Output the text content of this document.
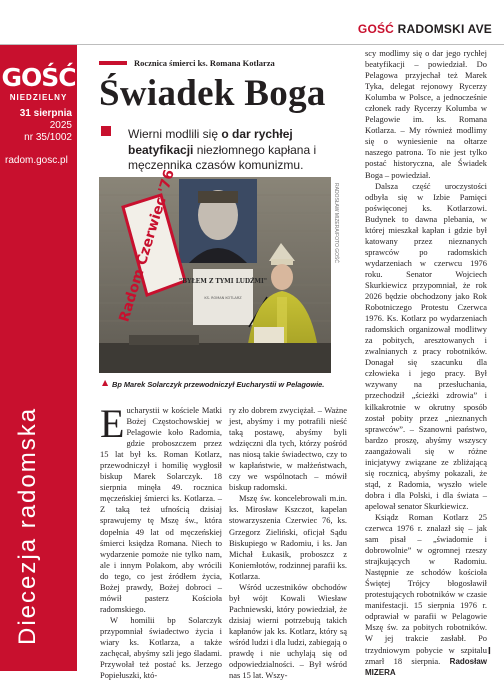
GOŚĆ RADOMSKI AVE
GOŚĆ
NIEDZIELNY
31 sierpnia
2025
nr 35/1002
radom.gosc.pl
Diecezja radomska
Rocznica śmierci ks. Romana Kotlarza
Świadek Boga
Wierni modlili się o dar rychłej beatyfikacji niezłomnego kapłana i męczennika czasów komunizmu.
Radom Czerwiec '76 "BYŁEM Z TYMI LUDŹMI"
KS. ROMAN KOTLARZ
RADOSŁAW MIZERA/FOTO GOŚĆ
▲ Bp Marek Solarczyk przewodniczył Eucharystii w Pelagowie.

Eucharystii w kościele Matki Bożej Częstochowskiej w Pelagowie koło Radomia, gdzie proboszczem przez 15 lat był ks. Roman Kotlarz, przewodniczył i homilię wygłosił biskup Marek Solarczyk. 18 sierpnia minęła 49. rocznica męczeńskiej śmierci ks. Kotlarza. – Z taką też ufnością dzisiaj sprawujemy tę Mszę św., która dopełnia 49 lat od męczeńskiej śmierci księdza Romana. Niech to wydarzenie pomoże nie tylko nam, ale i innym Polakom, aby wrócili do tego, co jest źródłem życia, Bożej prawdy, Bożej dobroci – mówił pasterz Kościoła radomskiego.

W homilii bp Solarczyk przypomniał świadectwo życia i wiary ks. Kotlarza, a także zachęcał, abyśmy szli jego śladami. Przywołał też postać ks. Jerzego Popiełuszki, któ-

ry zło dobrem zwyciężał. – Ważne jest, abyśmy i my potrafili nieść taką postawę, abyśmy byli wdzięczni dla tych, którzy pośród nas niosą takie świadectwo, czy to w kapłaństwie, w małżeństwach, czy we wspólnotach – mówił biskup radomski.

Mszę św. koncelebrowali m.in. ks. Mirosław Kszczot, kapelan stowarzyszenia Czerwiec 76, ks. Grzegorz Zieliński, oficjał Sądu Biskupiego w Radomiu, i ks. Jan Michał Łukasik, proboszcz z Koniemłotów, rodzinnej parafii ks. Kotlarza.

Wśród uczestników obchodów był wójt Kowali Wiesław Pachniewski, który powiedział, że dzisiaj wierni potrzebują takich kapłanów jak ks. Kotlarz, który są wśród ludzi i dla ludzi, zabiegają o prawdę i nie uchylają się od odpowiedzialności. – Był wśród nas 15 lat. Wszy-

scy modlimy się o dar jego rychłej beatyfikacji – powiedział. Do Pelagowa przyjechał też Marek Tyka, delegat rejonowy Rycerzy Kolumba w Polsce, a jednocześnie członek rady Rycerzy Kolumba w Pelagowie im. ks. Romana Kotlarza. – My również modlimy się o wyniesienie na ołtarze naszego patrona. To nie jest tylko postać historyczna, ale Świadek Boga – powiedział.

Dalsza część uroczystości odbyła się w Izbie Pamięci poświęconej ks. Kotlarzowi. Budynek to dawna plebania, w której mieszkał kapłan i gdzie był katowany przez nieznanych sprawców po radomskich wydarzeniach w czerwcu 1976 roku. Senator Wojciech Skurkiewicz przypomniał, że rok 2026 będzie obchodzony jako Rok Robotniczego Protestu Czerwca 1976. Ks. Kotlarz po wydarzeniach radomskich organizował modlitwy za pobitych, aresztowanych i zwalnianych z pracy robotników. Donagał się szacunku dla człowieka i jego pracy. Był wzywany na przesłuchania, przechodził „ścieżki zdrowia” i kilkakrotnie w okrutny sposób został pobity przez „nieznanych sprawców”. – Szanowni państwo, bardzo proszę, abyśmy wszyscy zaangażowali się w różne inicjatywy związane ze zbliżającą się rocznicą, abyśmy pokazali, że stąd, z Radomia, wyszło wiele dobra i dla Polski, i dla świata – apelował senator Skurkiewicz.

Ksiądz Roman Kotlarz 25 czerwca 1976 r. znalazł się – jak sam pisał – „świadomie i dobrowolnie” w ogromnej rzeszy strajkujących w Radomiu. Następnie ze schodów kościoła Świętej Trójcy błogosławił protestujących robotników w czasie manifestacji. 15 sierpnia 1976 r. odprawiał w parafii w Pelagowie Mszę św. za pobitych robotników. W jej trakcie zasłabł. Po trzydniowym pobycie w szpitalu zmarł 18 sierpnia. Radosław MIZERA

I
